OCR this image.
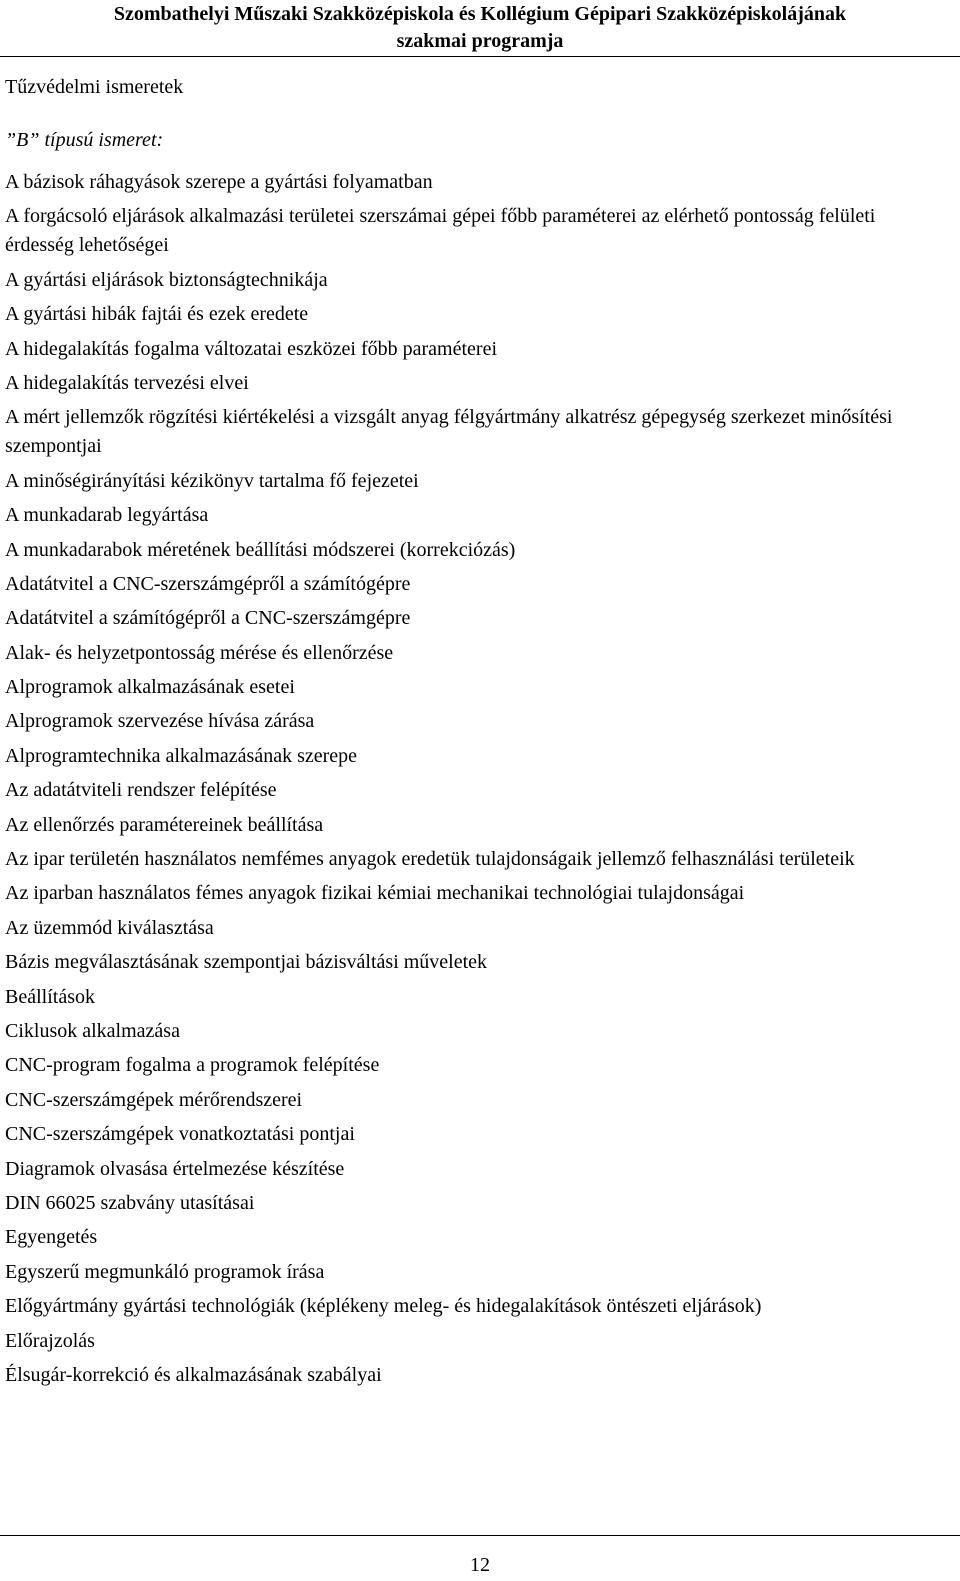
Szombathelyi Műszaki Szakközépiskola és Kollégium Gépipari Szakközépiskolájának
szakmai programja
Tűzvédelmi ismeretek
”B” típusú ismeret:
A bázisok ráhagyások szerepe a gyártási folyamatban
A forgácsoló eljárások alkalmazási területei szerszámai gépei főbb paraméterei az elérhető pontosság felületi érdesség lehetőségei
A gyártási eljárások biztonságtechnikája
A gyártási hibák fajtái és ezek eredete
A hidegalakítás fogalma változatai eszközei főbb paraméterei
A hidegalakítás tervezési elvei
A mért jellemzők rögzítési kiértékelési a vizsgált anyag félgyártmány alkatrész gépegység szerkezet minősítési szempontjai
A minőségirányítási kézikönyv tartalma fő fejezetei
A munkadarab legyártása
A munkadarabok méretének beállítási módszerei (korrekciózás)
Adatátvitel a CNC-szerszámgépről a számítógépre
Adatátvitel a számítógépről a CNC-szerszámgépre
Alak- és helyzetpontosság mérése és ellenőrzése
Alprogramok alkalmazásának esetei
Alprogramok szervezése hívása zárása
Alprogramtechnika alkalmazásának szerepe
Az adatátviteli rendszer felépítése
Az ellenőrzés paramétereinek beállítása
Az ipar területén használatos nemfémes anyagok eredetük tulajdonságaik jellemző felhasználási területeik
Az iparban használatos fémes anyagok fizikai kémiai mechanikai technológiai tulajdonságai
Az üzemmód kiválasztása
Bázis megválasztásának szempontjai bázisváltási műveletek
Beállítások
Ciklusok alkalmazása
CNC-program fogalma a programok felépítése
CNC-szerszámgépek mérőrendszerei
CNC-szerszámgépek vonatkoztatási pontjai
Diagramok olvasása értelmezése készítése
DIN 66025 szabvány utasításai
Egyengetés
Egyszerű megmunkáló programok írása
Előgyártmány gyártási technológiák (képlékeny meleg- és hidegalakítások öntészeti eljárások)
Előrajzolás
Élsugár-korrekció és alkalmazásának szabályai
12
